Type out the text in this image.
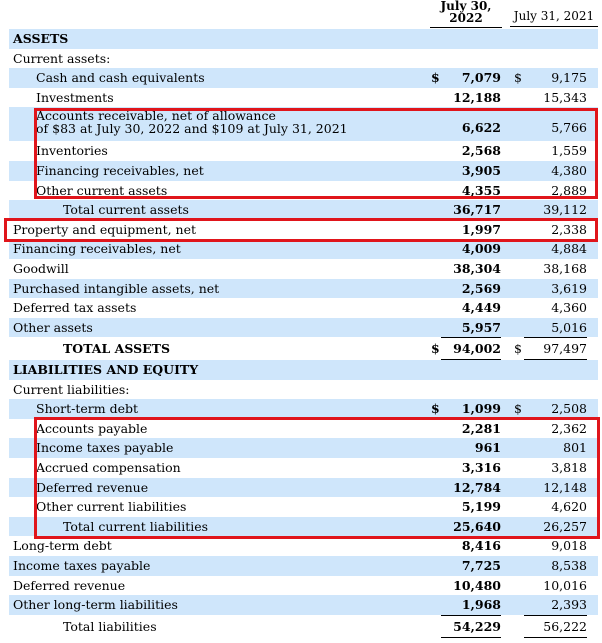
July 30,
2022	July 31, 2021
ASSETS
Current assets:
Cash and cash equivalents	$	7,079 $	9,175
Investments	12,188	15,343
Accounts receivable, net of allowance
of $83 at July 30, 2022 and $109 at July 31, 2021	6,622	5,766
Inventories	2,568	1,559
Financing receivables, net	3,905	4,380
Other current assets	4,355	2,889
Total current assets	36,717	39,112
Property and equipment, net	1,997	2,338
Financing receivables, net	4,009	4,884
Goodwill	38,304	38,168
Purchased intangible assets, net	2,569	3,619
Deferred tax assets	4,449	4,360
Other assets	5,957	5,016
TOTAL ASSETS	$	94,002 $	97,497
LIABILITIES AND EQUITY
Current liabilities:
Short-term debt	$	1,099 $	2,508
Accounts payable	2,281	2,362
Income taxes payable	961	801
Accrued compensation	3,316	3,818
Deferred revenue	12,784	12,148
Other current liabilities	5,199	4,620
Total current liabilities	25,640	26,257
Long-term debt	8,416	9,018
Income taxes payable	7,725	8,538
Deferred revenue	10,480	10,016
Other long-term liabilities	1,968	2,393
Total liabilities	54,229	56,222
